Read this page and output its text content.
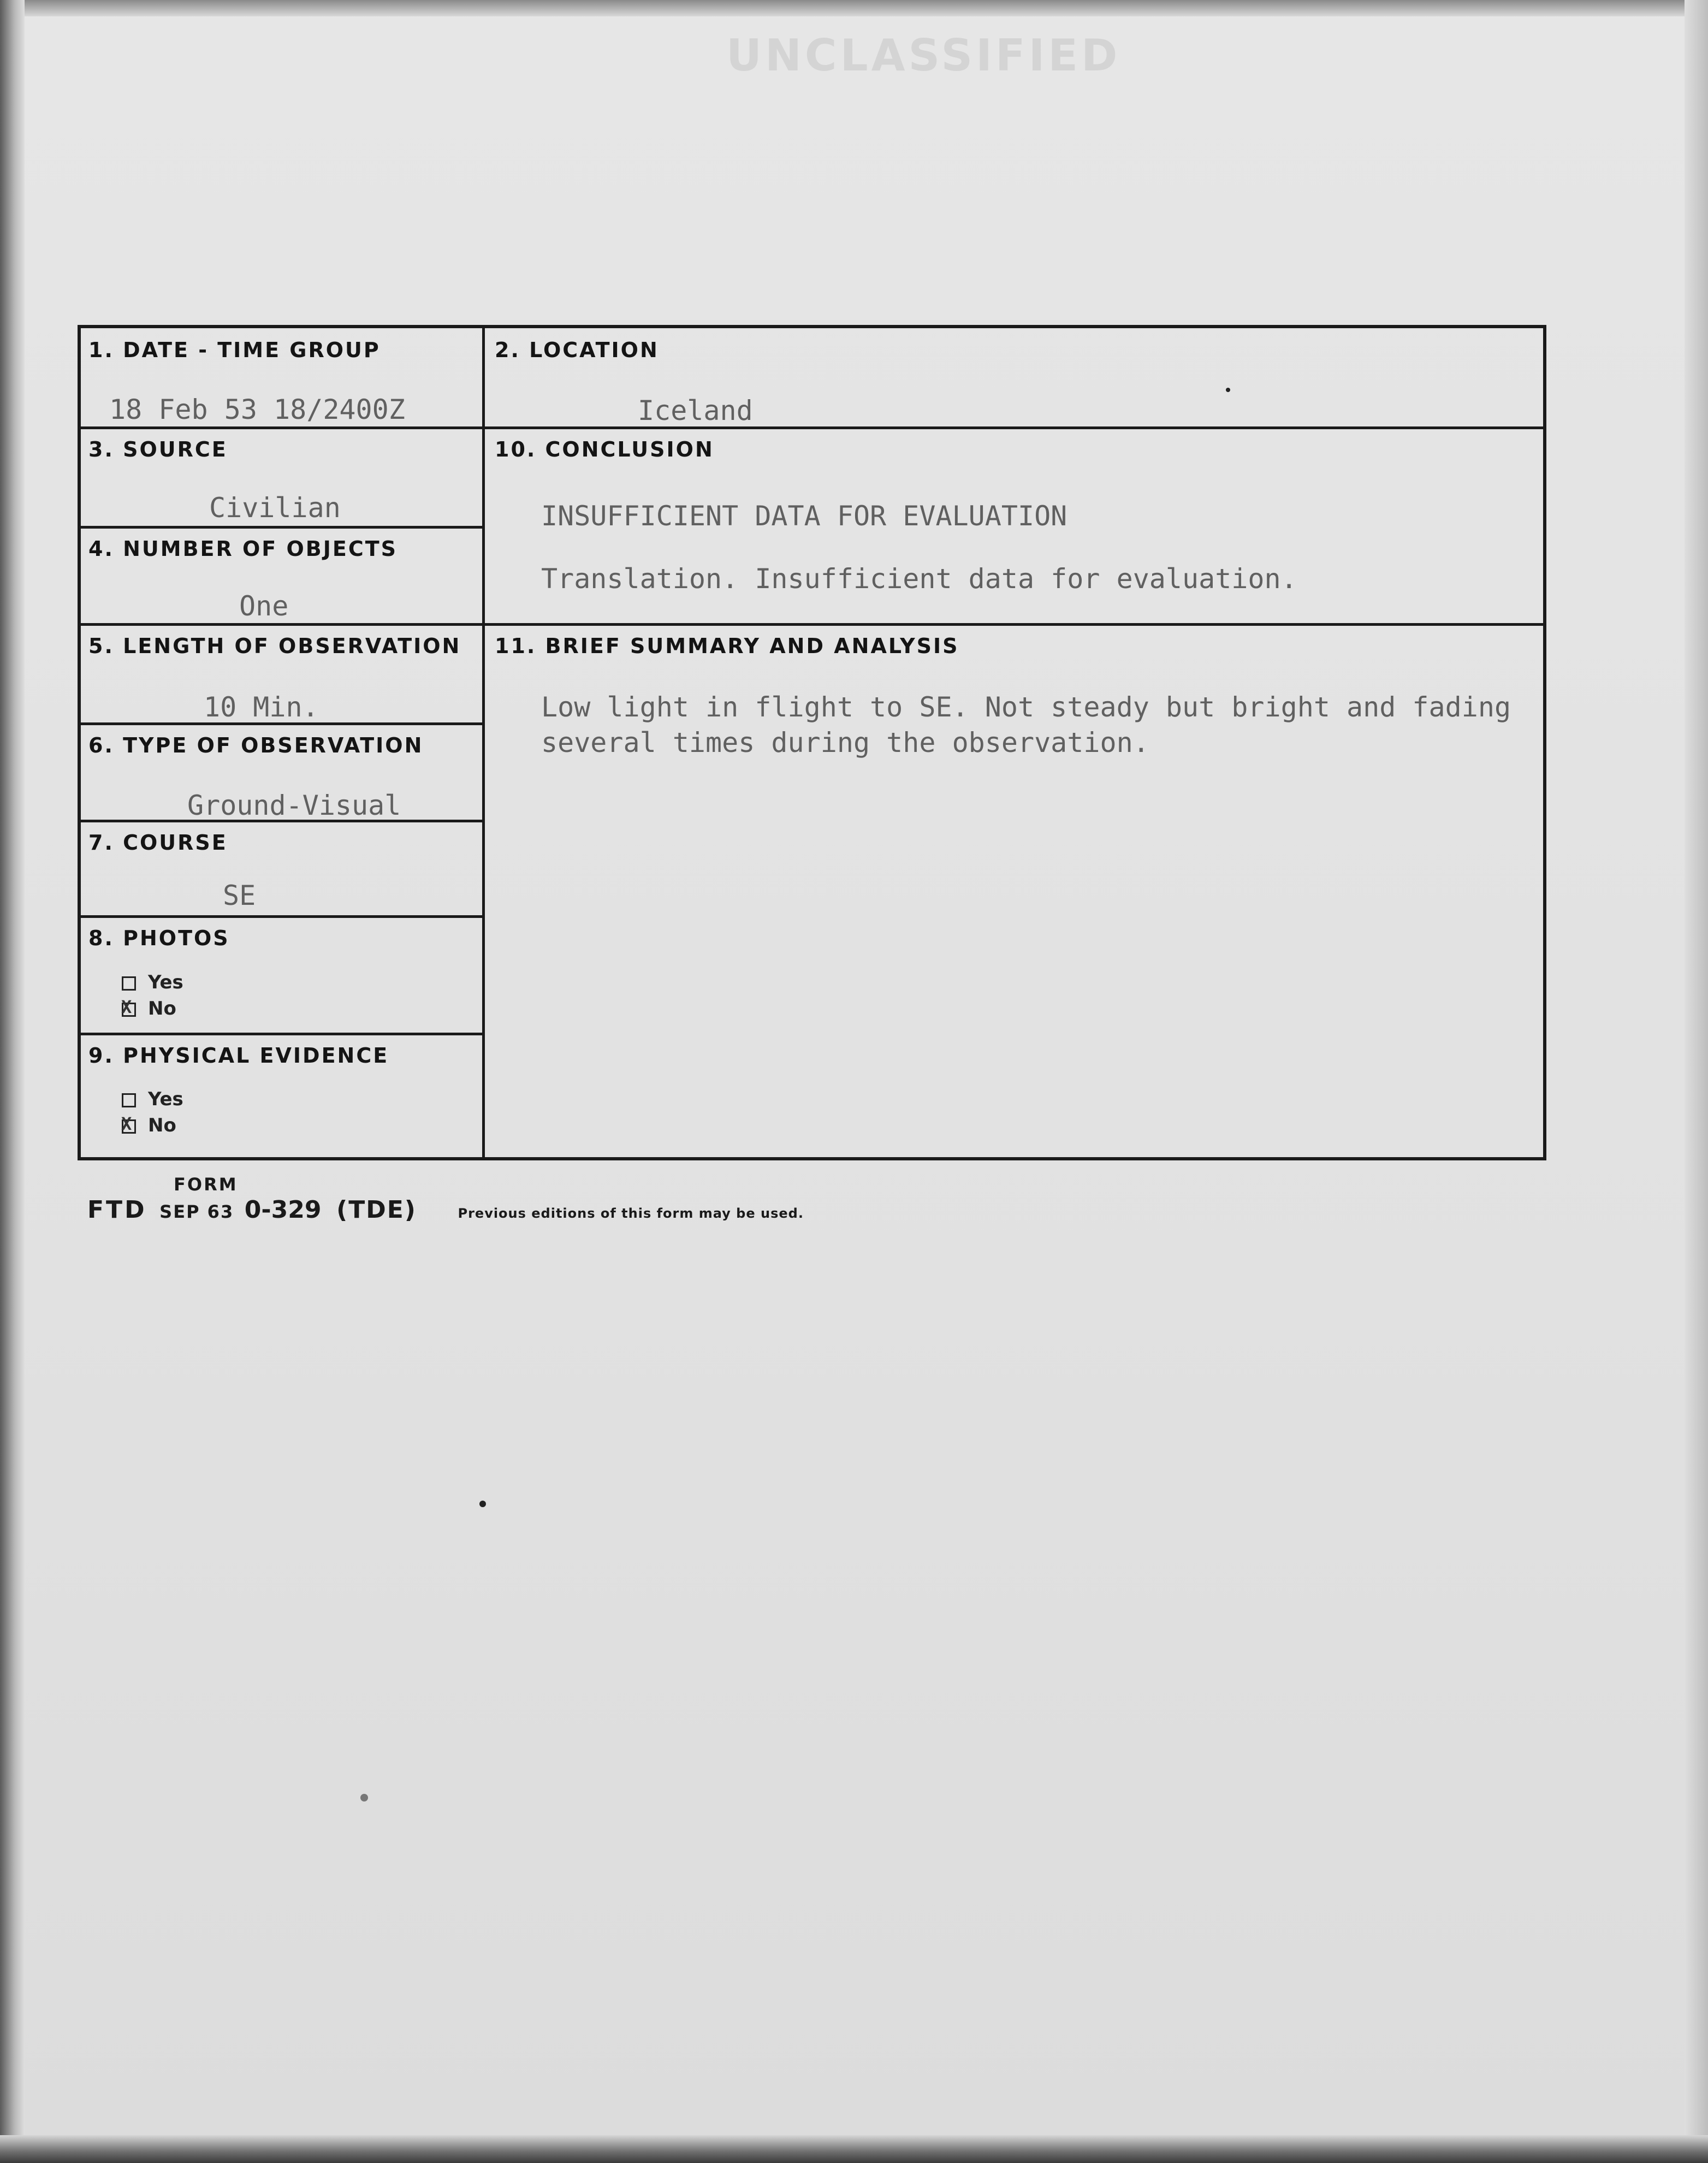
UNCLASSIFIED
1. DATE - TIME GROUP
18 Feb 53 18/2400Z
2. LOCATION
Iceland
3. SOURCE
Civilian
4. NUMBER OF OBJECTS
One
10. CONCLUSION
INSUFFICIENT DATA FOR EVALUATION
Translation. Insufficient data for evaluation.
5. LENGTH OF OBSERVATION
10 Min.
11. BRIEF SUMMARY AND ANALYSIS
Low light in flight to SE. Not steady but bright and fading
several times during the observation.
6. TYPE OF OBSERVATION
Ground-Visual
7. COURSE
SE
8. PHOTOS
Yes
XNo
9. PHYSICAL EVIDENCE
Yes
XNo
FORM
FTD SEP 63 0-329 (TDE)	Previous editions of this form may be used.
